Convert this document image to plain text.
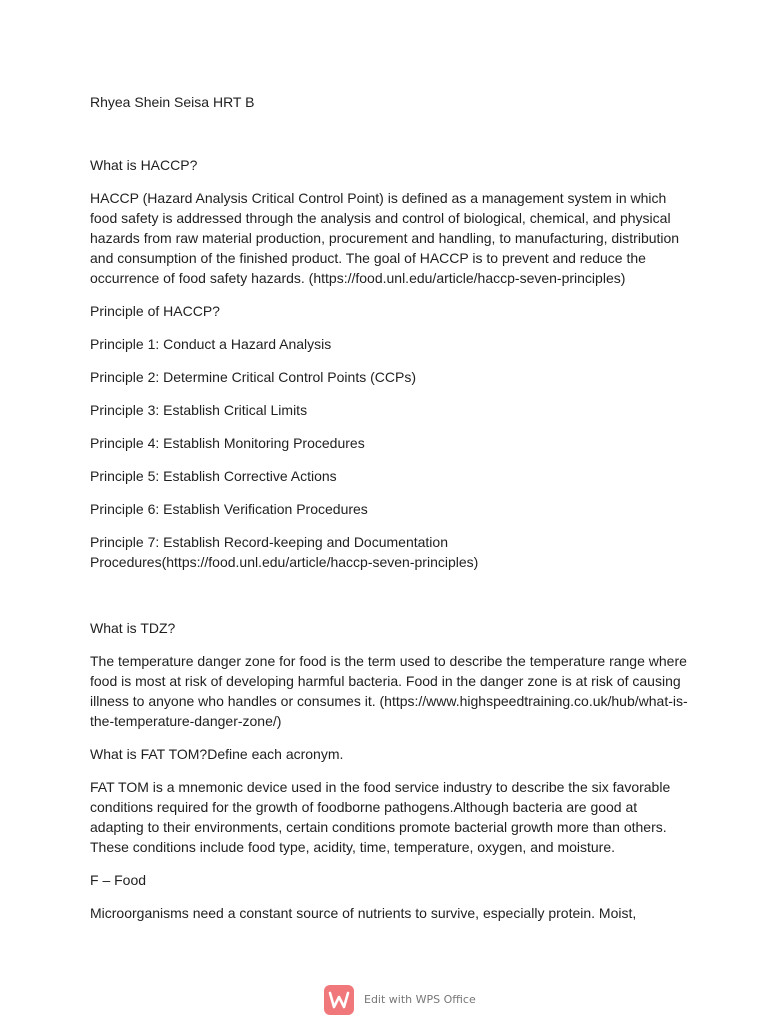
Rhyea Shein Seisa HRT B

What is HACCP?

HACCP (Hazard Analysis Critical Control Point) is defined as a management system in which food safety is addressed through the analysis and control of biological, chemical, and physical hazards from raw material production, procurement and handling, to manufacturing, distribution and consumption of the finished product. The goal of HACCP is to prevent and reduce the occurrence of food safety hazards. (https://food.unl.edu/article/haccp-seven-principles)

Principle of HACCP?

Principle 1: Conduct a Hazard Analysis

Principle 2: Determine Critical Control Points (CCPs)

Principle 3: Establish Critical Limits

Principle 4: Establish Monitoring Procedures

Principle 5: Establish Corrective Actions

Principle 6: Establish Verification Procedures

Principle 7: Establish Record-keeping and Documentation Procedures(https://food.unl.edu/article/haccp-seven-principles)

What is TDZ?

The temperature danger zone for food is the term used to describe the temperature range where food is most at risk of developing harmful bacteria. Food in the danger zone is at risk of causing illness to anyone who handles or consumes it. (https://www.highspeedtraining.co.uk/hub/what-is-the-temperature-danger-zone/)

What is FAT TOM?Define each acronym.

FAT TOM is a mnemonic device used in the food service industry to describe the six favorable conditions required for the growth of foodborne pathogens.Although bacteria are good at adapting to their environments, certain conditions promote bacterial growth more than others. These conditions include food type, acidity, time, temperature, oxygen, and moisture.

F – Food

Microorganisms need a constant source of nutrients to survive, especially protein. Moist,

Edit with WPS Office
